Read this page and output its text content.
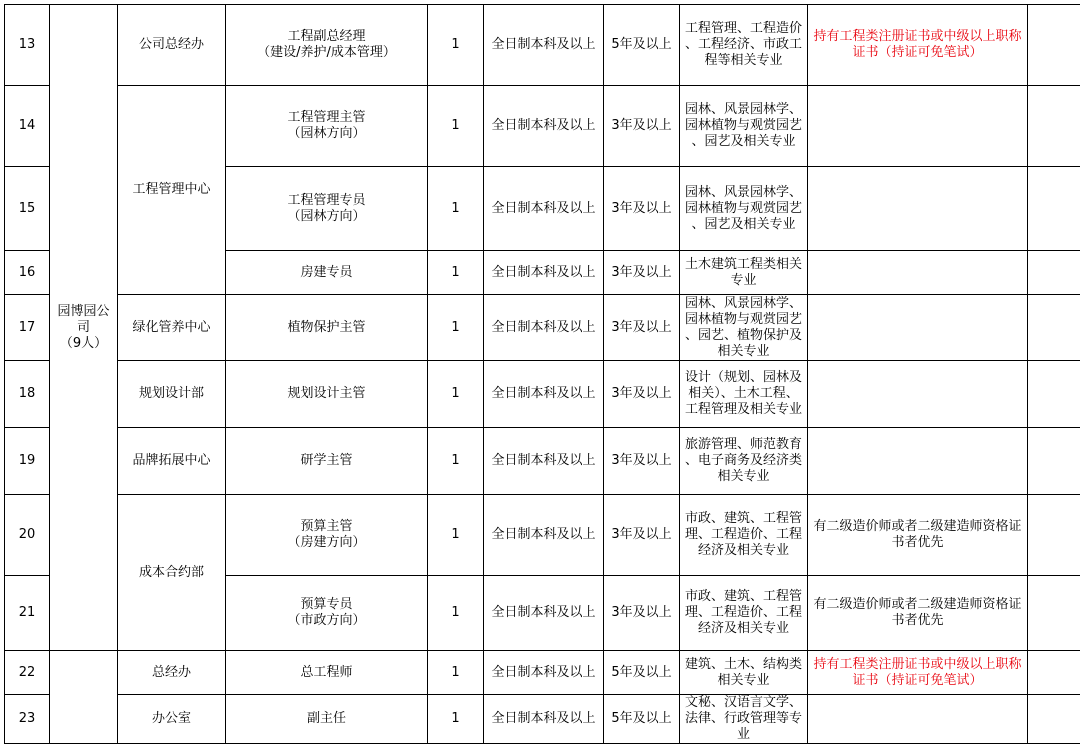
13	园博园公司
（9人）	公司总经办	工程副总经理
（建设/养护/成本管理）	1	全日制本科及以上	5年及以上	工程管理、工程造价
、工程经济、市政工
程等相关专业	持有工程类注册证书或中级以上职称
证书（持证可免笔试）	

14		工程管理中心	工程管理主管
（园林方向）	1	全日制本科及以上	3年及以上	园林、风景园林学、
园林植物与观赏园艺
、园艺及相关专业		

15			工程管理专员
（园林方向）	1	全日制本科及以上	3年及以上	园林、风景园林学、
园林植物与观赏园艺
、园艺及相关专业		

16			房建专员	1	全日制本科及以上	3年及以上	土木建筑工程类相关
专业		

17		绿化管养中心	植物保护主管	1	全日制本科及以上	3年及以上	园林、风景园林学、
园林植物与观赏园艺
、园艺、植物保护及
相关专业		

18		规划设计部	规划设计主管	1	全日制本科及以上	3年及以上	设计（规划、园林及
相关）、土木工程、
工程管理及相关专业		

19		品牌拓展中心	研学主管	1	全日制本科及以上	3年及以上	旅游管理、师范教育
、电子商务及经济类
相关专业		

20		成本合约部	预算主管
（房建方向）	1	全日制本科及以上	3年及以上	市政、建筑、工程管
理、工程造价、工程
经济及相关专业	有二级造价师或者二级建造师资格证
书者优先	

21			预算专员
（市政方向）	1	全日制本科及以上	3年及以上	市政、建筑、工程管
理、工程造价、工程
经济及相关专业	有二级造价师或者二级建造师资格证
书者优先	

22		总经办	总工程师	1	全日制本科及以上	5年及以上	建筑、土木、结构类
相关专业	持有工程类注册证书或中级以上职称
证书（持证可免笔试）	

23		办公室	副主任	1	全日制本科及以上	5年及以上	文秘、汉语言文学、
法律、行政管理等专
业		
